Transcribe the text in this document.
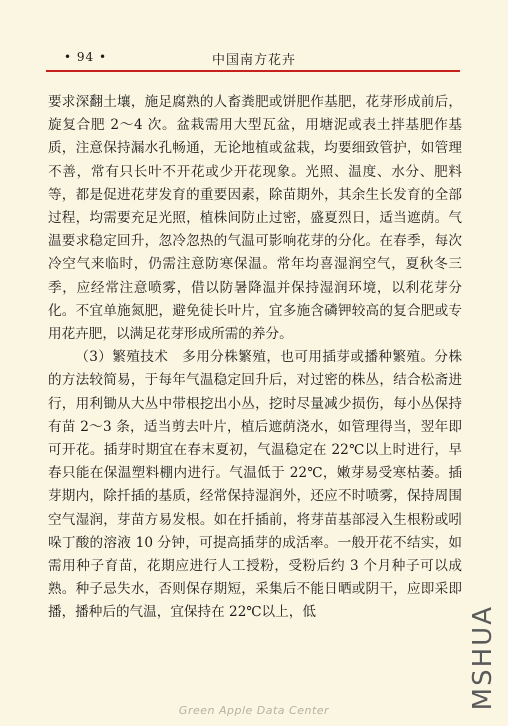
• 94 •	中国南方花卉

要求深翻土壤，施足腐熟的人畜粪肥或饼肥作基肥，花芽形成前后，旋复合肥 2～4 次。盆栽需用大型瓦盆，用塘泥或表土拌基肥作基质，注意保持漏水孔畅通，无论地植或盆栽，均要细致管护，如管理不善，常有只长叶不开花或少开花现象。光照、温度、水分、肥料等，都是促进花芽发育的重要因素，除苗期外，其余生长发育的全部过程，均需要充足光照，植株间防止过密，盛夏烈日，适当遮荫。气温要求稳定回升，忽冷忽热的气温可影响花芽的分化。在春季，每次冷空气来临时，仍需注意防寒保温。常年均喜湿润空气，夏秋冬三季，应经常注意喷雾，借以防暑降温并保持湿润环境，以利花芽分化。不宜单施氮肥，避免徒长叶片，宜多施含磷钾较高的复合肥或专用花卉肥，以满足花芽形成所需的养分。

（3）繁殖技术　多用分株繁殖，也可用插芽或播种繁殖。分株的方法较简易，于每年气温稳定回升后，对过密的株丛，结合松斋进行，用利锄从大丛中带根挖出小丛，挖时尽量减少损伤，每小丛保持有苗 2～3 条，适当剪去叶片，植后遮荫浇水，如管理得当，翌年即可开花。插芽时期宜在春末夏初，气温稳定在 22℃以上时进行，早春只能在保温塑料棚内进行。气温低于 22℃，嫩芽易受寒枯萎。插芽期内，除扦插的基质，经常保持湿润外，还应不时喷雾，保持周围空气湿润，芽苗方易发根。如在扦插前，将芽苗基部浸入生根粉或吲哚丁酸的溶液 10 分钟，可提高插芽的成活率。一般开花不结实，如需用种子育苗，花期应进行人工授粉，受粉后约 3 个月种子可以成熟。种子忌失水，否则保存期短，采集后不能日晒或阴干，应即采即播，播种后的气温，宜保持在 22℃以上，低	MSHUA
Green Apple Data Center
